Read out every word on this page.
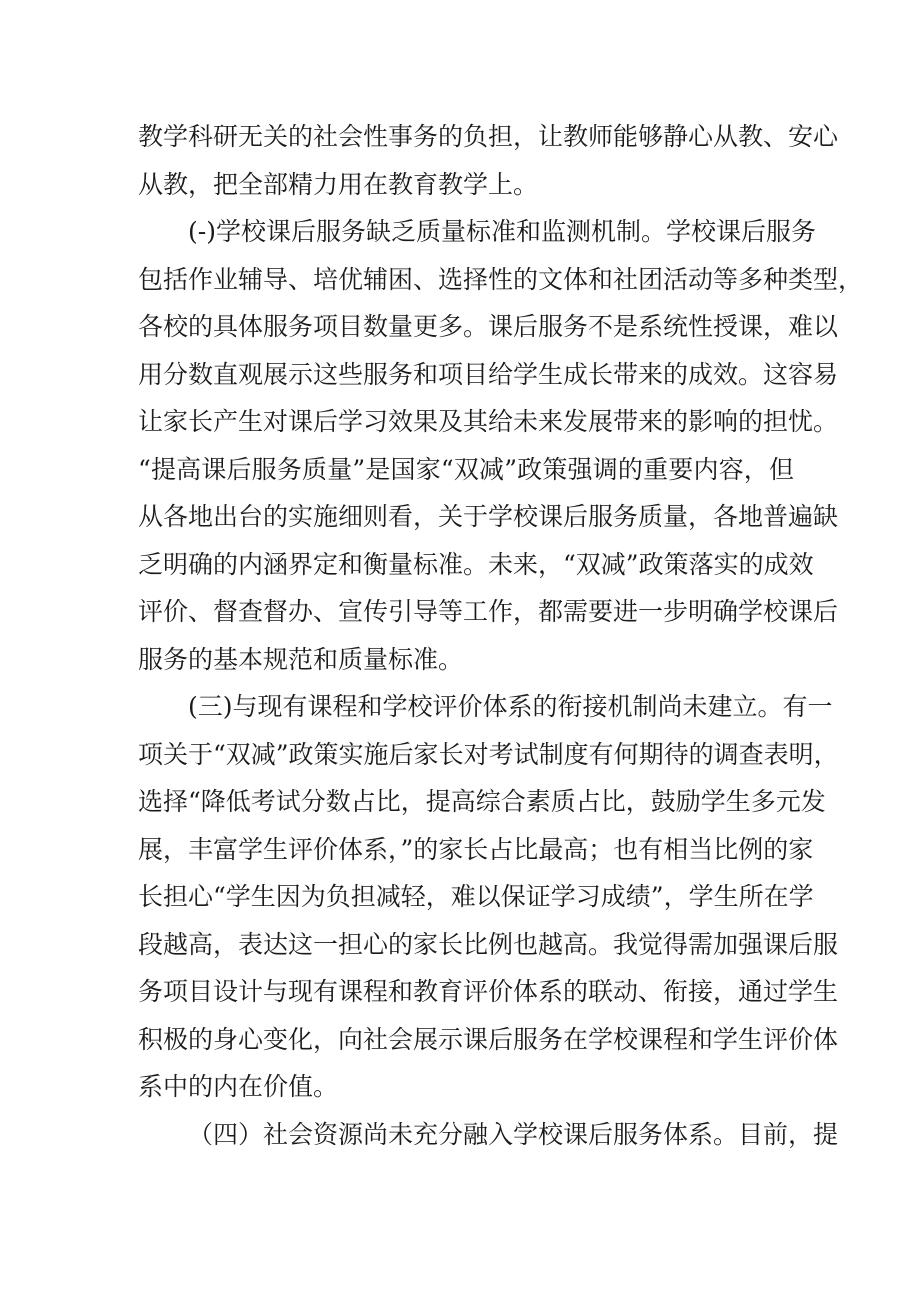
教学科研无关的社会性事务的负担，让教师能够静心从教、安心
从教，把全部精力用在教育教学上。
(-)学校课后服务缺乏质量标准和监测机制。学校课后服务
包括作业辅导、培优辅困、选择性的文体和社团活动等多种类型，
各校的具体服务项目数量更多。课后服务不是系统性授课，难以
用分数直观展示这些服务和项目给学生成长带来的成效。这容易
让家长产生对课后学习效果及其给未来发展带来的影响的担忧。
“提高课后服务质量”是国家“双减”政策强调的重要内容，但
从各地出台的实施细则看，关于学校课后服务质量，各地普遍缺
乏明确的内涵界定和衡量标准。未来，“双减”政策落实的成效
评价、督查督办、宣传引导等工作，都需要进一步明确学校课后
服务的基本规范和质量标准。
(三)与现有课程和学校评价体系的衔接机制尚未建立。有一
项关于“双减”政策实施后家长对考试制度有何期待的调查表明，
选择“降低考试分数占比，提高综合素质占比，鼓励学生多元发
展，丰富学生评价体系，”的家长占比最高；也有相当比例的家
长担心“学生因为负担减轻，难以保证学习成绩”，学生所在学
段越高，表达这一担心的家长比例也越高。我觉得需加强课后服
务项目设计与现有课程和教育评价体系的联动、衔接，通过学生
积极的身心变化，向社会展示课后服务在学校课程和学生评价体
系中的内在价值。
（四）社会资源尚未充分融入学校课后服务体系。目前，提
